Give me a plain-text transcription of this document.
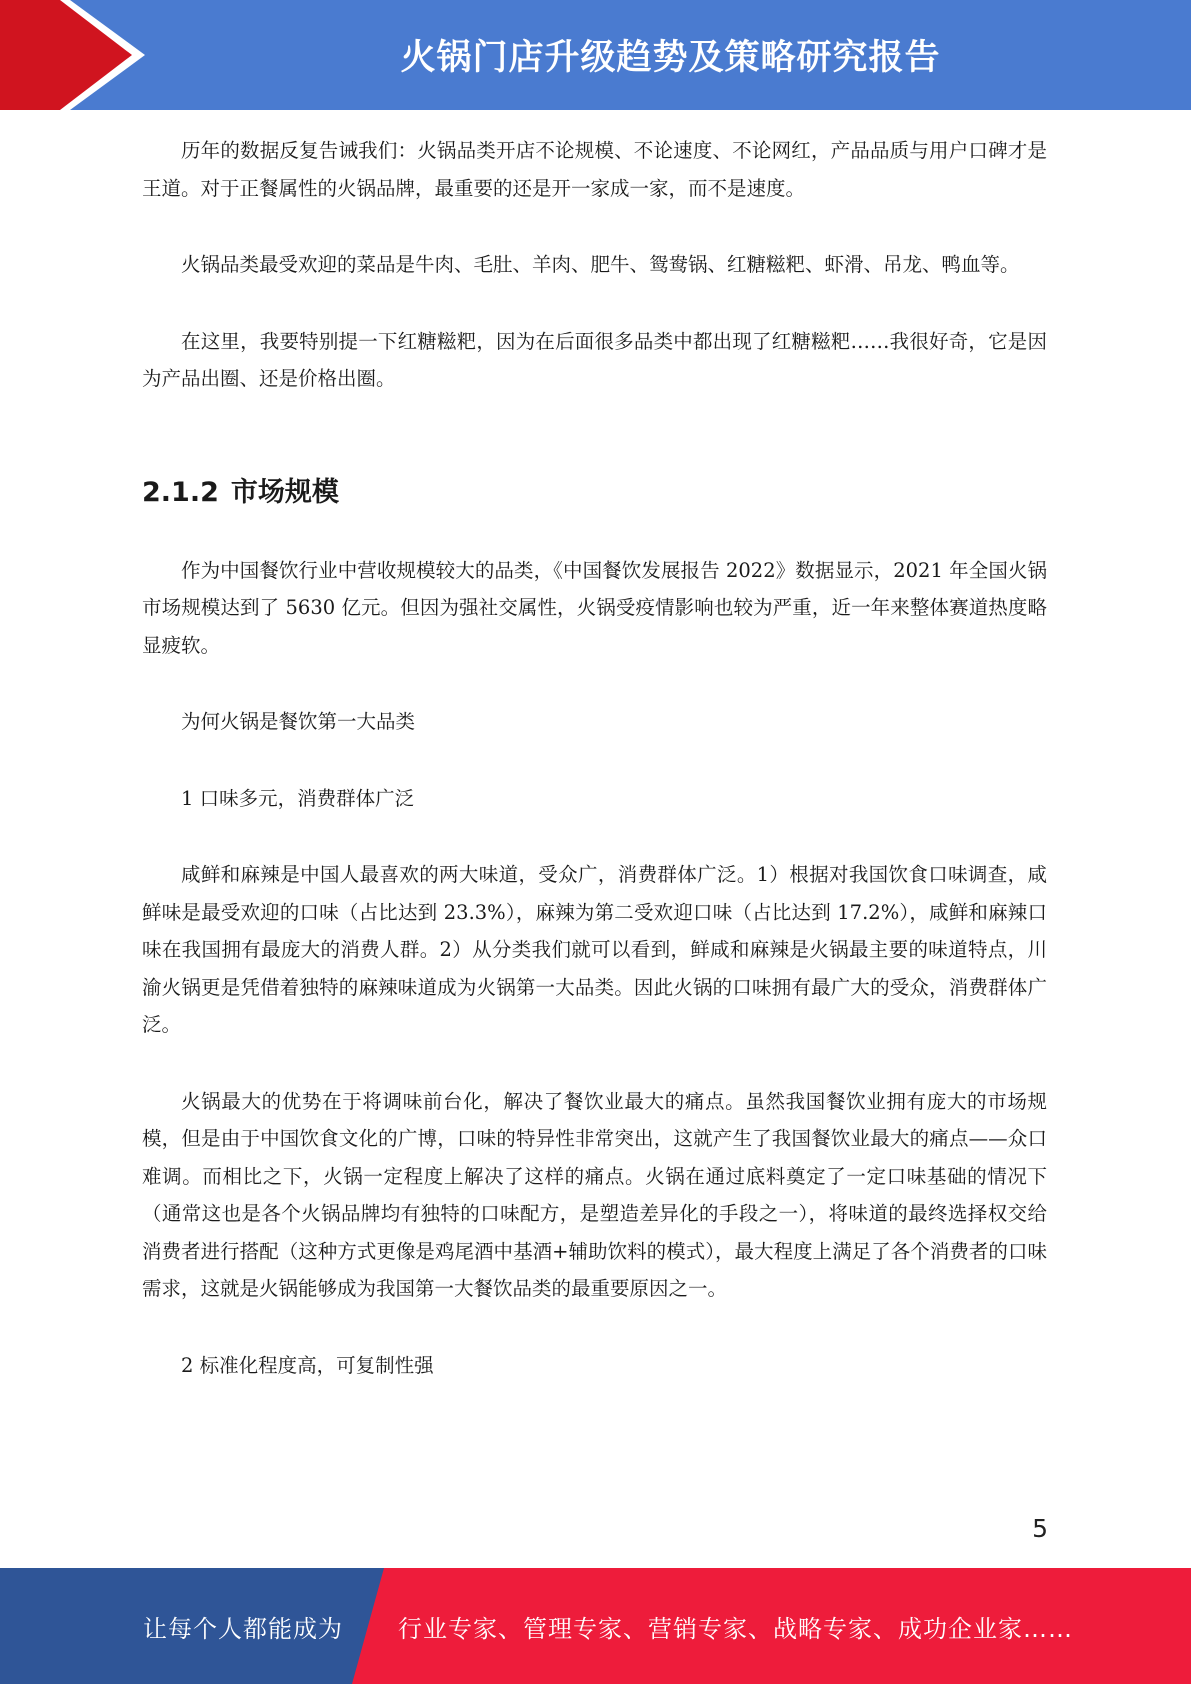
火锅门店升级趋势及策略研究报告

历年的数据反复告诫我们：火锅品类开店不论规模、不论速度、不论网红，产品品质与用户口碑才是王道。对于正餐属性的火锅品牌，最重要的还是开一家成一家，而不是速度。

火锅品类最受欢迎的菜品是牛肉、毛肚、羊肉、肥牛、鸳鸯锅、红糖糍粑、虾滑、吊龙、鸭血等。

在这里，我要特别提一下红糖糍粑，因为在后面很多品类中都出现了红糖糍粑……我很好奇，它是因为产品出圈、还是价格出圈。

2.1.2 市场规模

作为中国餐饮行业中营收规模较大的品类，《中国餐饮发展报告 2022》数据显示，2021 年全国火锅市场规模达到了 5630 亿元。但因为强社交属性，火锅受疫情影响也较为严重，近一年来整体赛道热度略显疲软。

为何火锅是餐饮第一大品类

1 口味多元，消费群体广泛

咸鲜和麻辣是中国人最喜欢的两大味道，受众广，消费群体广泛。1）根据对我国饮食口味调查，咸鲜味是最受欢迎的口味（占比达到 23.3%），麻辣为第二受欢迎口味（占比达到 17.2%），咸鲜和麻辣口味在我国拥有最庞大的消费人群。2）从分类我们就可以看到，鲜咸和麻辣是火锅最主要的味道特点，川渝火锅更是凭借着独特的麻辣味道成为火锅第一大品类。因此火锅的口味拥有最广大的受众，消费群体广泛。

火锅最大的优势在于将调味前台化，解决了餐饮业最大的痛点。虽然我国餐饮业拥有庞大的市场规模，但是由于中国饮食文化的广博，口味的特异性非常突出，这就产生了我国餐饮业最大的痛点——众口难调。而相比之下，火锅一定程度上解决了这样的痛点。火锅在通过底料奠定了一定口味基础的情况下（通常这也是各个火锅品牌均有独特的口味配方，是塑造差异化的手段之一），将味道的最终选择权交给消费者进行搭配（这种方式更像是鸡尾酒中基酒+辅助饮料的模式），最大程度上满足了各个消费者的口味需求，这就是火锅能够成为我国第一大餐饮品类的最重要原因之一。

2 标准化程度高，可复制性强

5
让每个人都能成为 行业专家、管理专家、营销专家、战略专家、成功企业家……
